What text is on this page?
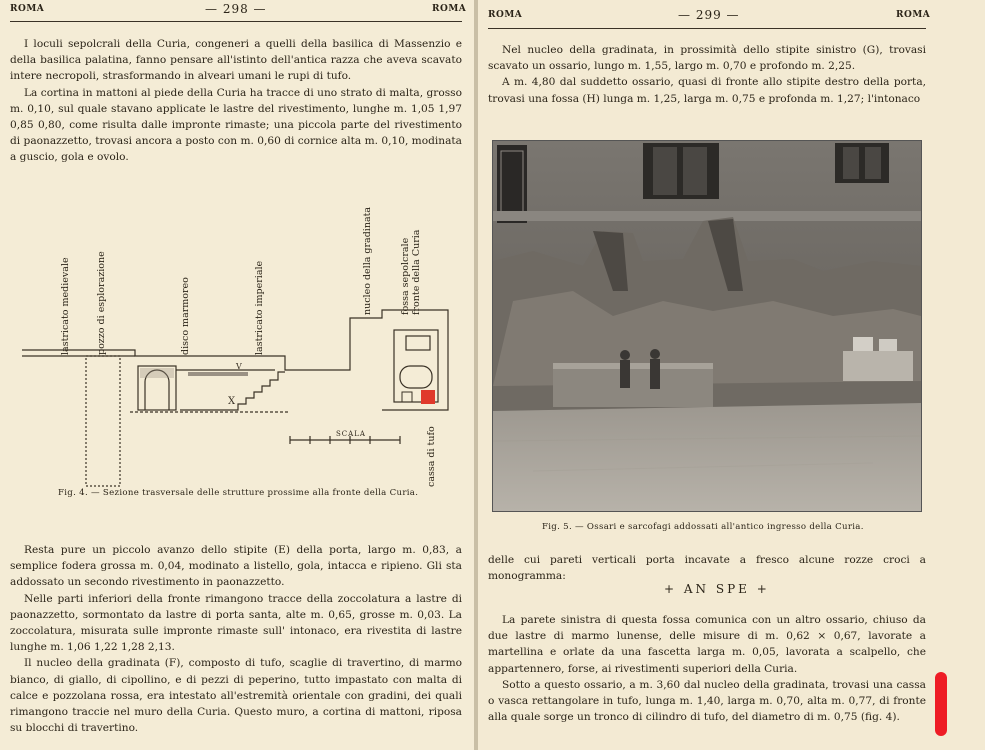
ROMA	— 298 —	ROMA

I loculi sepolcrali della Curia, congeneri a quelli della basilica di Massenzio e della basilica palatina, fanno pensare all'istinto dell'antica razza che aveva scavato intere necropoli, strasformando in alveari umani le rupi di tufo.

La cortina in mattoni al piede della Curia ha tracce di uno strato di malta, grosso m. 0,10, sul quale stavano applicate le lastre del rivestimento, lunghe m. 1,05 1,97 0,85 0,80, come risulta dalle impronte rimaste; una piccola parte del rivestimento di paonazzetto, trovasi ancora a posto con m. 0,60 di cornice alta m. 0,10, modinata a guscio, gola e ovolo.

lastricato medievale	pozzo di esplorazione	disco marmoreo	lastricato imperiale	nucleo della gradinata	fossa sepolcrale fronte della Curia
cassa di tufo
X
V
SCALA
Fig. 4. — Sezione trasversale delle strutture prossime alla fronte della Curia.

Resta pure un piccolo avanzo dello stipite (E) della porta, largo m. 0,83, a semplice fodera grossa m. 0,04, modinato a listello, gola, intacca e ripieno. Gli sta addossato un secondo rivestimento in paonazzetto.

Nelle parti inferiori della fronte rimangono tracce della zoccolatura a lastre di paonazzetto, sormontato da lastre di porta santa, alte m. 0,65, grosse m. 0,03. La zoccolatura, misurata sulle impronte rimaste sull' intonaco, era rivestita di lastre lunghe m. 1,06 1,22 1,28 2,13.

Il nucleo della gradinata (F), composto di tufo, scaglie di travertino, di marmo bianco, di giallo, di cipollino, e di pezzi di peperino, tutto impastato con malta di calce e pozzolana rossa, era intestato all'estremità orientale con gradini, dei quali rimangono traccie nel muro della Curia. Questo muro, a cortina di mattoni, riposa su blocchi di travertino.

ROMA	— 299 —	ROMA

Nel nucleo della gradinata, in prossimità dello stipite sinistro (G), trovasi scavato un ossario, lungo m. 1,55, largo m. 0,70 e profondo m. 2,25.

A m. 4,80 dal suddetto ossario, quasi di fronte allo stipite destro della porta, trovasi una fossa (H) lunga m. 1,25, larga m. 0,75 e profonda m. 1,27; l'intonaco

Fig. 5. — Ossari e sarcofagi addossati all'antico ingresso della Curia.

delle cui pareti verticali porta incavate a fresco alcune rozze croci a monogramma:

+ AN SPE +

La parete sinistra di questa fossa comunica con un altro ossario, chiuso da due lastre di marmo lunense, delle misure di m. 0,62 × 0,67, lavorate a martellina e orlate da una fascetta larga m. 0,05, lavorata a scalpello, che appartennero, forse, ai rivestimenti superiori della Curia.

Sotto a questo ossario, a m. 3,60 dal nucleo della gradinata, trovasi una cassa o vasca rettangolare in tufo, lunga m. 1,40, larga m. 0,70, alta m. 0,77, di fronte alla quale sorge un tronco di cilindro di tufo, del diametro di m. 0,75 (fig. 4).
